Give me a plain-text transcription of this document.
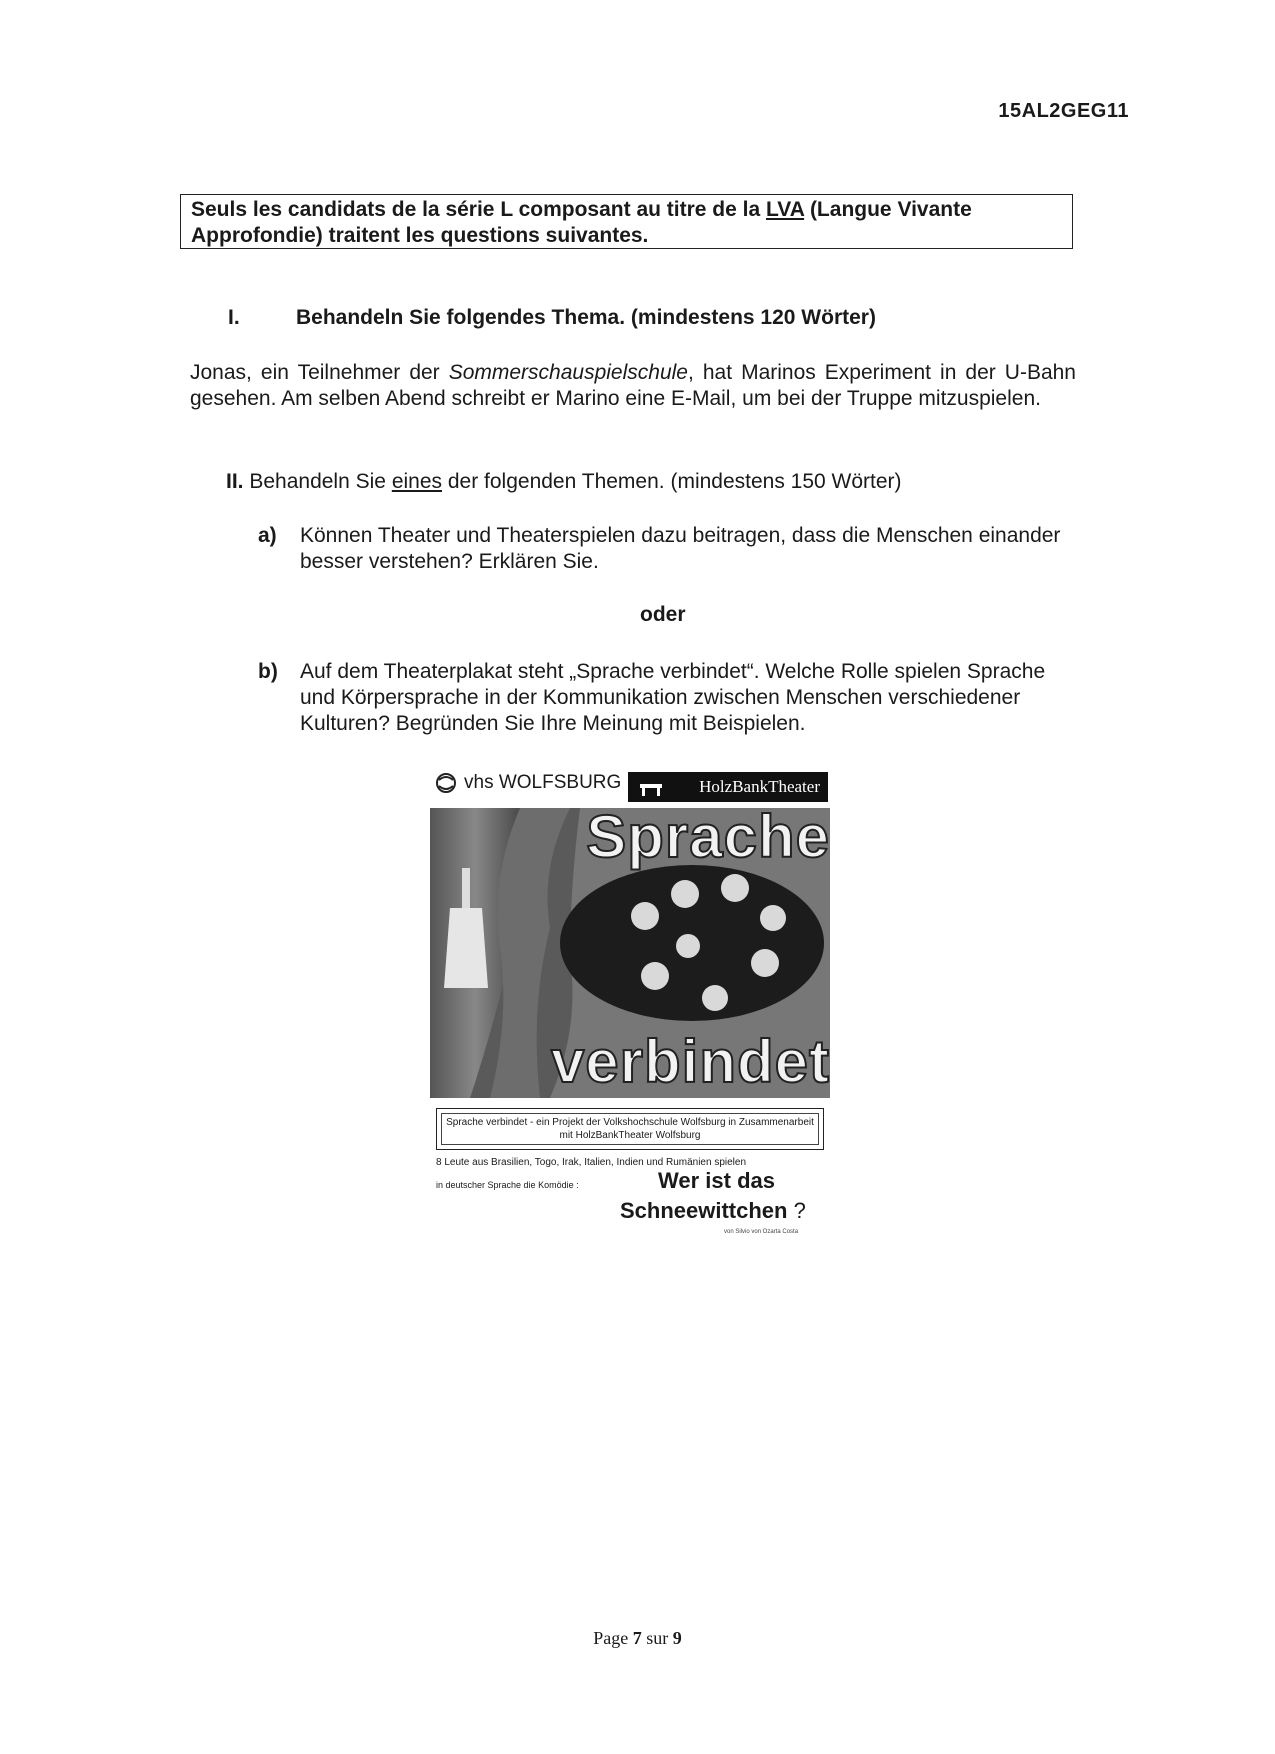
15AL2GEG11
Seuls les candidats de la série L composant au titre de la LVA (Langue Vivante Approfondie) traitent les questions suivantes.
I.	Behandeln Sie folgendes Thema. (mindestens 120 Wörter)
Jonas, ein Teilnehmer der Sommerschauspielschule, hat Marinos Experiment in der U-Bahn gesehen. Am selben Abend schreibt er Marino eine E-Mail, um bei der Truppe mitzuspielen.
II. Behandeln Sie eines der folgenden Themen. (mindestens 150 Wörter)
a) Können Theater und Theaterspielen dazu beitragen, dass die Menschen einander besser verstehen? Erklären Sie.
oder
b) Auf dem Theaterplakat steht „Sprache verbindet“. Welche Rolle spielen Sprache und Körpersprache in der Kommunikation zwischen Menschen verschiedener Kulturen? Begründen Sie Ihre Meinung mit Beispielen.
vhs WOLFSBURG	HolzBankTheater
Sprache
verbindet
Sprache verbindet - ein Projekt der Volkshochschule Wolfsburg in Zusammenarbeit mit HolzBankTheater Wolfsburg
8 Leute aus Brasilien, Togo, Irak, Italien, Indien und Rumänien spielen
in deutscher Sprache die Komödie :	Wer ist das
Schneewittchen ?
von Silvio von Ozarta Costa
Page 7 sur 9
